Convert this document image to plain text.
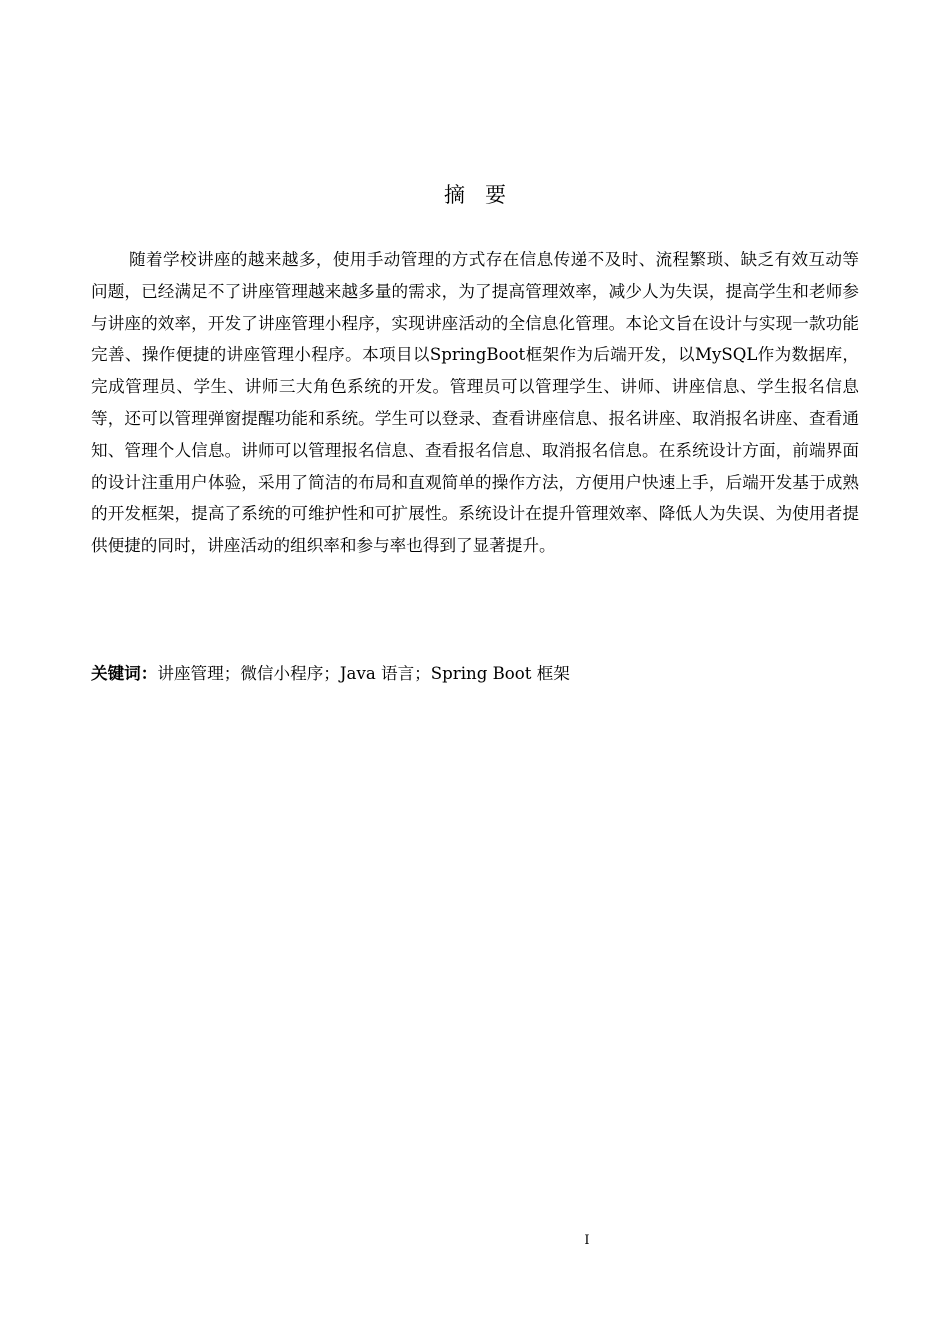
摘要

随着学校讲座的越来越多，使用手动管理的方式存在信息传递不及时、流程繁琐、缺乏有效互动等问题，已经满足不了讲座管理越来越多量的需求，为了提高管理效率，减少人为失误，提高学生和老师参与讲座的效率，开发了讲座管理小程序，实现讲座活动的全信息化管理。本论文旨在设计与实现一款功能完善、操作便捷的讲座管理小程序。本项目以SpringBoot框架作为后端开发，以MySQL作为数据库，完成管理员、学生、讲师三大角色系统的开发。管理员可以管理学生、讲师、讲座信息、学生报名信息等，还可以管理弹窗提醒功能和系统。学生可以登录、查看讲座信息、报名讲座、取消报名讲座、查看通知、管理个人信息。讲师可以管理报名信息、查看报名信息、取消报名信息。在系统设计方面，前端界面的设计注重用户体验，采用了简洁的布局和直观简单的操作方法，方便用户快速上手，后端开发基于成熟的开发框架，提高了系统的可维护性和可扩展性。系统设计在提升管理效率、降低人为失误、为使用者提供便捷的同时，讲座活动的组织率和参与率也得到了显著提升。

关键词：讲座管理；微信小程序；Java 语言；Spring Boot 框架
I
